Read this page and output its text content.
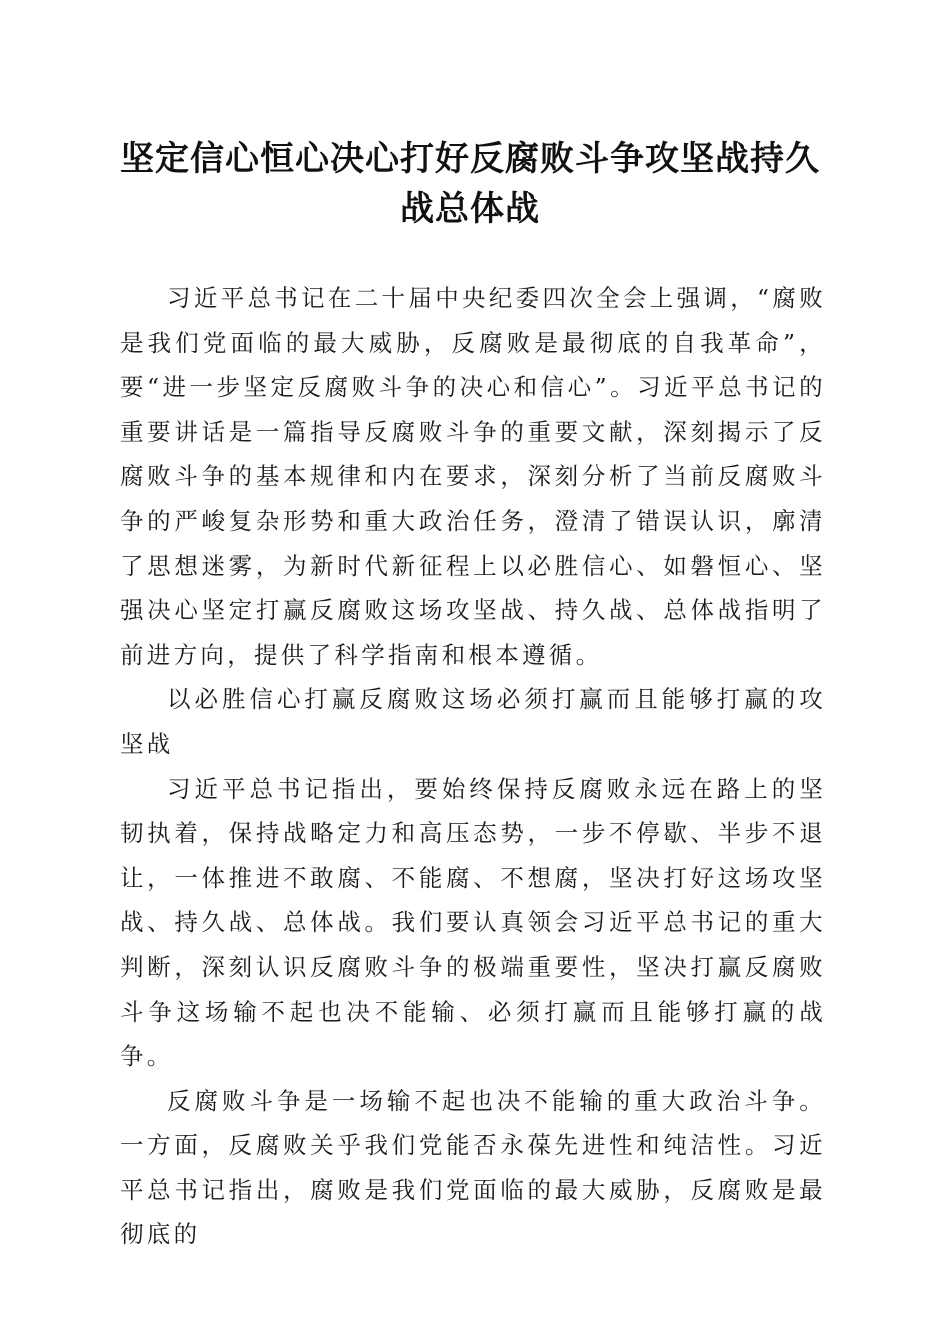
坚定信心恒心决心打好反腐败斗争攻坚战持久战总体战

习近平总书记在二十届中央纪委四次全会上强调，“腐败是我们党面临的最大威胁，反腐败是最彻底的自我革命”，要“进一步坚定反腐败斗争的决心和信心”。习近平总书记的重要讲话是一篇指导反腐败斗争的重要文献，深刻揭示了反腐败斗争的基本规律和内在要求，深刻分析了当前反腐败斗争的严峻复杂形势和重大政治任务，澄清了错误认识，廓清了思想迷雾，为新时代新征程上以必胜信心、如磐恒心、坚强决心坚定打赢反腐败这场攻坚战、持久战、总体战指明了前进方向，提供了科学指南和根本遵循。

以必胜信心打赢反腐败这场必须打赢而且能够打赢的攻坚战

习近平总书记指出，要始终保持反腐败永远在路上的坚韧执着，保持战略定力和高压态势，一步不停歇、半步不退让，一体推进不敢腐、不能腐、不想腐，坚决打好这场攻坚战、持久战、总体战。我们要认真领会习近平总书记的重大判断，深刻认识反腐败斗争的极端重要性，坚决打赢反腐败斗争这场输不起也决不能输、必须打赢而且能够打赢的战争。

反腐败斗争是一场输不起也决不能输的重大政治斗争。一方面，反腐败关乎我们党能否永葆先进性和纯洁性。习近平总书记指出，腐败是我们党面临的最大威胁，反腐败是最彻底的
